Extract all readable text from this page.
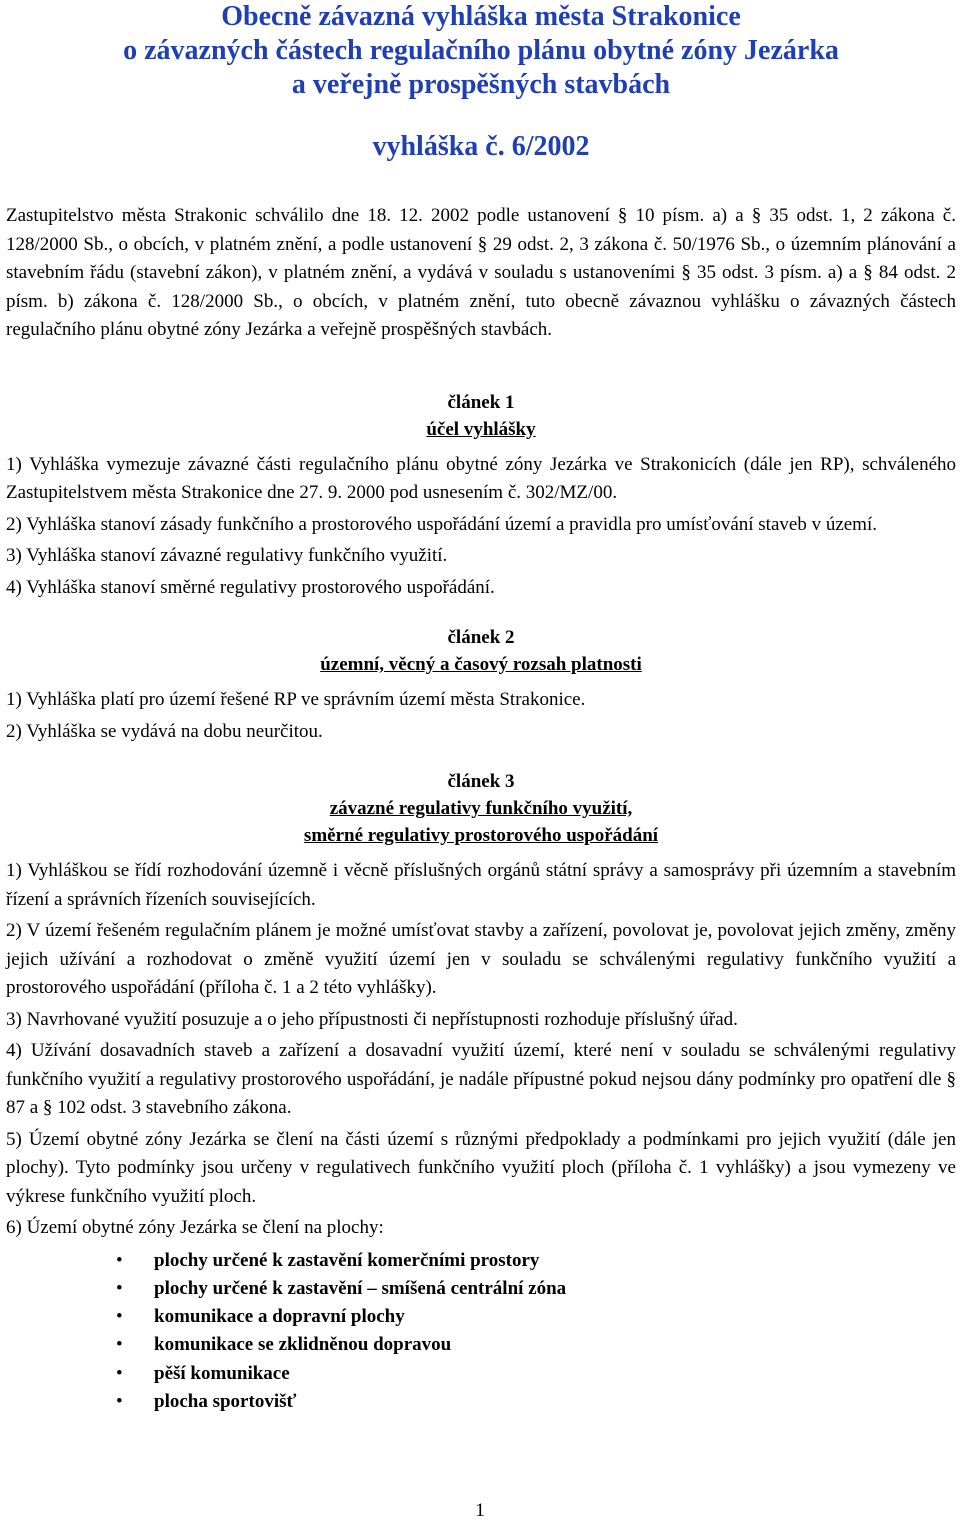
Obecně závazná vyhláška města Strakonice
o závazných částech regulačního plánu obytné zóny Jezárka
a veřejně prospěšných stavbách
vyhláška č. 6/2002

Zastupitelstvo města Strakonic schválilo dne 18. 12. 2002 podle ustanovení § 10 písm. a) a § 35 odst. 1, 2 zákona č. 128/2000 Sb., o obcích, v platném znění, a podle ustanovení § 29 odst. 2, 3 zákona č. 50/1976 Sb., o územním plánování a stavebním řádu (stavební zákon), v platném znění, a vydává v souladu s ustanoveními § 35 odst. 3 písm. a) a § 84 odst. 2 písm. b) zákona č. 128/2000 Sb., o obcích, v platném znění, tuto obecně závaznou vyhlášku o závazných částech regulačního plánu obytné zóny Jezárka a veřejně prospěšných stavbách.

článek 1
účel vyhlášky

1) Vyhláška vymezuje závazné části regulačního plánu obytné zóny Jezárka ve Strakonicích (dále jen RP), schváleného Zastupitelstvem města Strakonice dne 27. 9. 2000 pod usnesením č. 302/MZ/00.

2) Vyhláška stanoví zásady funkčního a prostorového uspořádání území a pravidla pro umísťování staveb v území.

3) Vyhláška stanoví závazné regulativy funkčního využití.

4) Vyhláška stanoví směrné regulativy prostorového uspořádání.

článek 2
územní, věcný a časový rozsah platnosti

1) Vyhláška platí pro území řešené RP ve správním území města Strakonice.

2) Vyhláška se vydává na dobu neurčitou.

článek 3
závazné regulativy funkčního využití,
směrné regulativy prostorového uspořádání

1) Vyhláškou se řídí rozhodování územně i věcně příslušných orgánů státní správy a samosprávy při územním a stavebním řízení a správních řízeních souvisejících.

2) V území řešeném regulačním plánem je možné umísťovat stavby a zařízení, povolovat je, povolovat jejich změny, změny jejich užívání a rozhodovat o změně využití území jen v souladu se schválenými regulativy funkčního využití a prostorového uspořádání (příloha č. 1 a 2 této vyhlášky).

3) Navrhované využití posuzuje a o jeho přípustnosti či nepřístupnosti rozhoduje příslušný úřad.

4) Užívání dosavadních staveb a zařízení a dosavadní využití území, které není v souladu se schválenými regulativy funkčního využití a regulativy prostorového uspořádání, je nadále přípustné pokud nejsou dány podmínky pro opatření dle § 87 a § 102 odst. 3 stavebního zákona.

5) Území obytné zóny Jezárka se člení na části území s různými předpoklady a podmínkami pro jejich využití (dále jen plochy). Tyto podmínky jsou určeny v regulativech funkčního využití ploch (příloha č. 1 vyhlášky) a jsou vymezeny ve výkrese funkčního využití ploch.

6) Území obytné zóny Jezárka se člení na plochy:

• plochy určené k zastavění komerčními prostory
• plochy určené k zastavění – smíšená centrální zóna
• komunikace a dopravní plochy
• komunikace se zklidněnou dopravou
• pěší komunikace
• plocha sportovišť
1
